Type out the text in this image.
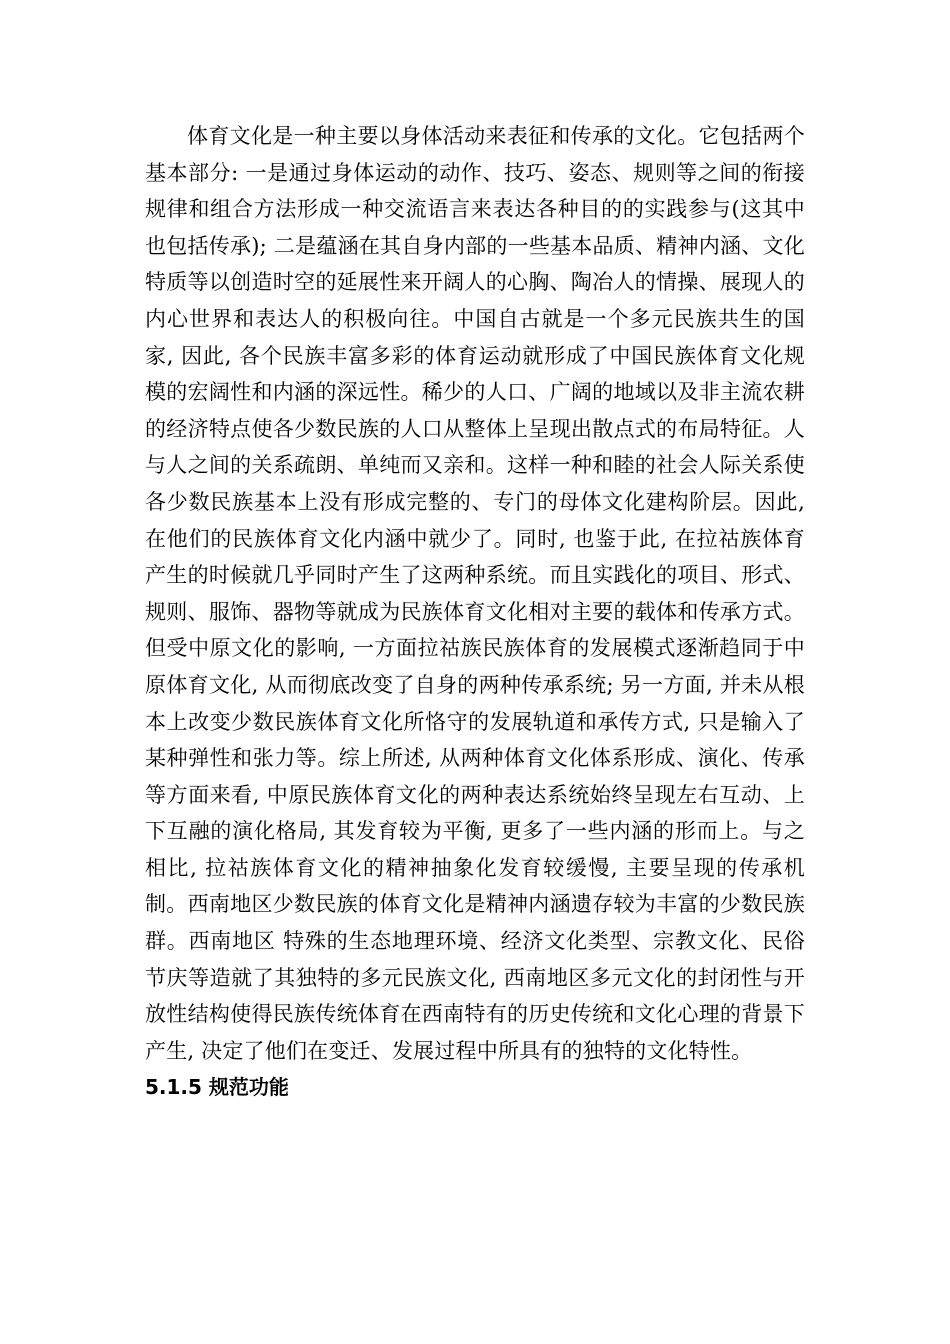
体育文化是一种主要以身体活动来表征和传承的文化。它包括两个基本部分: 一是通过身体运动的动作、技巧、姿态、规则等之间的衔接规律和组合方法形成一种交流语言来表达各种目的的实践参与(这其中也包括传承); 二是蕴涵在其自身内部的一些基本品质、精神内涵、文化特质等以创造时空的延展性来开阔人的心胸、陶冶人的情操、展现人的内心世界和表达人的积极向往。中国自古就是一个多元民族共生的国家, 因此, 各个民族丰富多彩的体育运动就形成了中国民族体育文化规模的宏阔性和内涵的深远性。稀少的人口、广阔的地域以及非主流农耕的经济特点使各少数民族的人口从整体上呈现出散点式的布局特征。人与人之间的关系疏朗、单纯而又亲和。这样一种和睦的社会人际关系使各少数民族基本上没有形成完整的、专门的母体文化建构阶层。因此, 在他们的民族体育文化内涵中就少了。同时, 也鉴于此, 在拉祜族体育产生的时候就几乎同时产生了这两种系统。而且实践化的项目、形式、规则、服饰、器物等就成为民族体育文化相对主要的载体和传承方式。但受中原文化的影响, 一方面拉祜族民族体育的发展模式逐渐趋同于中原体育文化, 从而彻底改变了自身的两种传承系统; 另一方面, 并未从根本上改变少数民族体育文化所恪守的发展轨道和承传方式, 只是输入了某种弹性和张力等。综上所述, 从两种体育文化体系形成、演化、传承等方面来看, 中原民族体育文化的两种表达系统始终呈现左右互动、上下互融的演化格局, 其发育较为平衡, 更多了一些内涵的形而上。与之相比, 拉祜族体育文化的精神抽象化发育较缓慢, 主要呈现的传承机制。西南地区少数民族的体育文化是精神内涵遗存较为丰富的少数民族群。西南地区 特殊的生态地理环境、经济文化类型、宗教文化、民俗节庆等造就了其独特的多元民族文化, 西南地区多元文化的封闭性与开放性结构使得民族传统体育在西南特有的历史传统和文化心理的背景下产生, 决定了他们在变迁、发展过程中所具有的独特的文化特性。

5.1.5 规范功能
